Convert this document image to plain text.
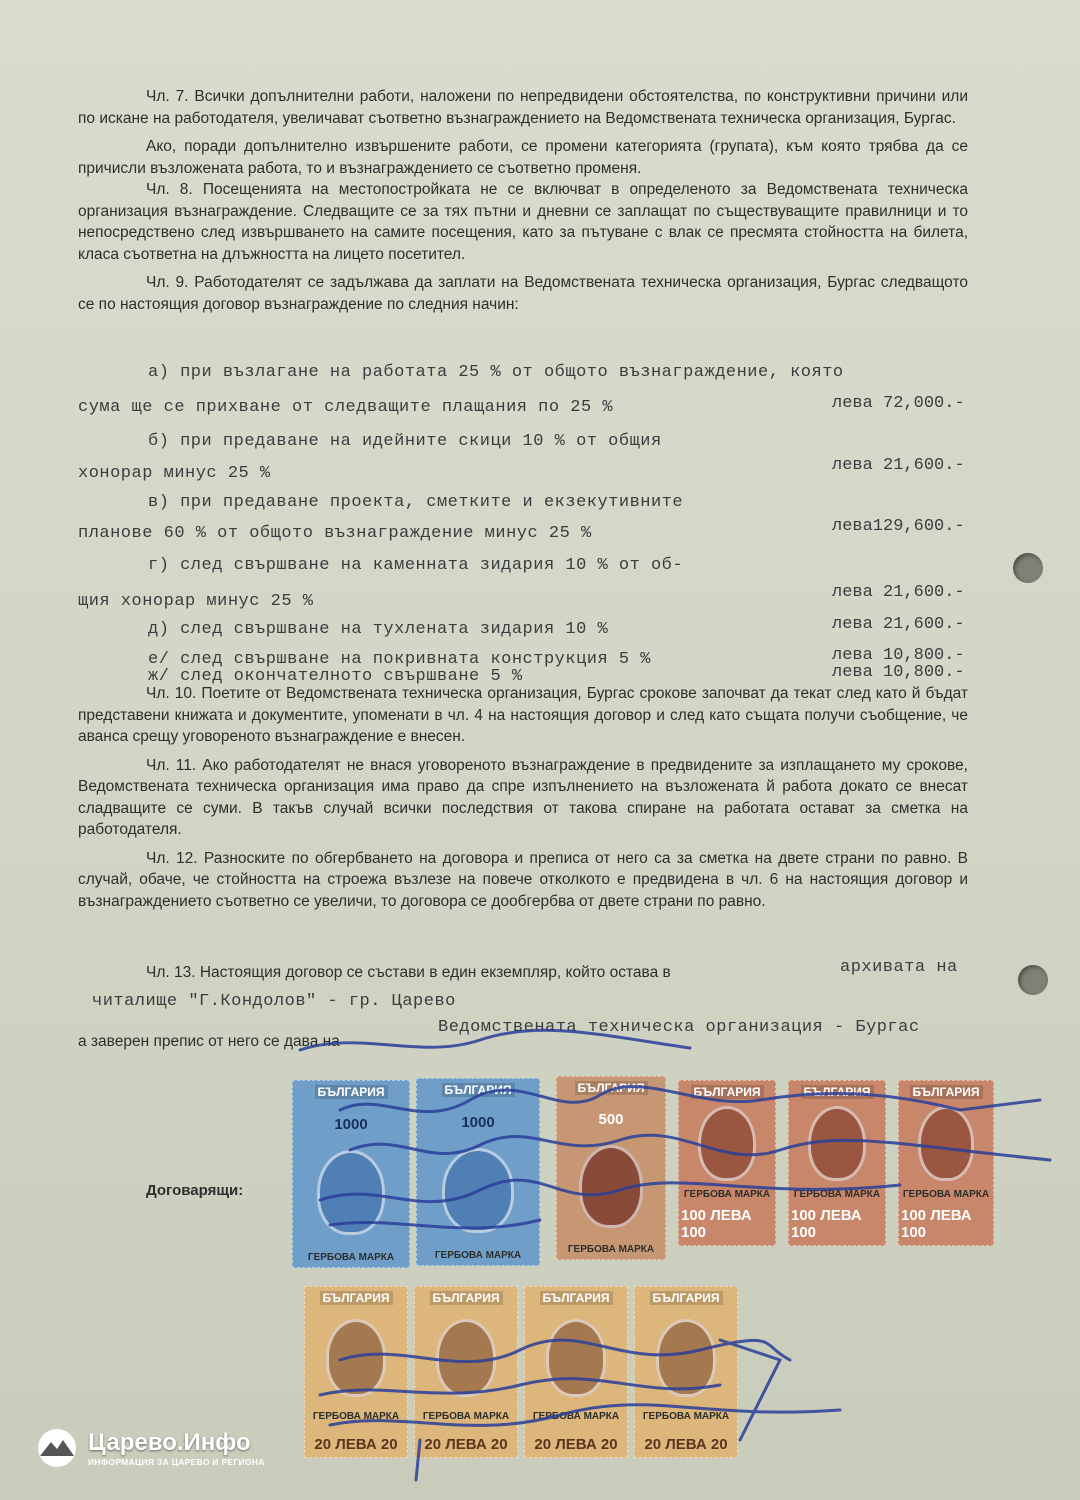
Чл. 7. Всички допълнителни работи, наложени по непредвидени обстоятелства, по конструктивни причини или по искане на работодателя, увеличават съответно възнаграждението на Ведомствената техническа организация, Бургас.

Ако, поради допълнително извършените работи, се промени категорията (групата), към която трябва да се причисли възложената работа, то и възнаграждението се съответно променя.

Чл. 8. Посещенията на местопостройката не се включват в определеното за Ведомствената техническа организация възнаграждение. Следващите се за тях пътни и дневни се заплащат по съществуващите правилници и то непосредствено след извършването на самите посещения, като за пътуване с влак се пресмята стойността на билета, класа съответна на длъжността на лицето посетител.

Чл. 9. Работодателят се задължава да заплати на Ведомствената техническа организация, Бургас следващото се по настоящия договор възнаграждение по следния начин:

а) при възлагане на работата 25 % от общото възнаграждение, която
сума ще се прихване от следващите плащания по 25 %	лева 72,000.-
б) при предаване на идейните скици 10 % от общия
хонорар минус 25 %	лева 21,600.-
в) при предаване проекта, сметките и екзекутивните
планове 60 % от общото възнаграждение минус 25 %	лева129,600.-
г) след свършване на каменната зидария 10 % от об-
щия хонорар минус 25 %	лева 21,600.-
д) след свършване на тухлената зидария 10 %	лева 21,600.-
е/ след свършване на покривната конструкция 5 %	лева 10,800.-
ж/ след окончателното свършване 5 %	лева 10,800.-

Чл. 10. Поетите от Ведомствената техническа организация, Бургас срокове започват да текат след като й бъдат представени книжата и документите, упоменати в чл. 4 на настоящия договор и след като същата получи съобщение, че аванса срещу уговореното възнаграждение е внесен.

Чл. 11. Ако работодателят не внася уговореното възнаграждение в предвидените за изплащането му срокове, Ведомствената техническа организация има право да спре изпълнението на възложената й работа докато се внесат сладващите се суми. В такъв случай всички последствия от такова спиране на работата остават за сметка на работодателя.

Чл. 12. Разноските по обгербването на договора и преписа от него са за сметка на двете страни по равно. В случай, обаче, че стойността на строежа възлезе на повече отколкото е предвидена в чл. 6 на настоящия договор и възнаграждението съответно се увеличи, то договора се дообгербва от двете страни по равно.

Чл. 13. Настоящия договор се състави в един екземпляр, който остава в	архивата на
читалище "Г.Кондолов" - гр. Царево
а заверен препис от него се дава на
Ведомствената техническа организация - Бургас
Договарящи:
БЪЛГАРИЯ
1000
ГЕРБОВА МАРКА
БЪЛГАРИЯ
1000
ГЕРБОВА МАРКА
БЪЛГАРИЯ
500
ГЕРБОВА МАРКА
БЪЛГАРИЯ
ГЕРБОВА МАРКА
100 ЛЕВА 100
БЪЛГАРИЯ
ГЕРБОВА МАРКА
100 ЛЕВА 100
БЪЛГАРИЯ
ГЕРБОВА МАРКА
100 ЛЕВА 100
БЪЛГАРИЯ
ГЕРБОВА МАРКА
20 ЛЕВА 20
БЪЛГАРИЯ
ГЕРБОВА МАРКА
20 ЛЕВА 20
БЪЛГАРИЯ
ГЕРБОВА МАРКА
20 ЛЕВА 20
БЪЛГАРИЯ
ГЕРБОВА МАРКА
20 ЛЕВА 20
Царево.Инфо
ИНФОРМАЦИЯ ЗА ЦАРЕВО И РЕГИОНА
